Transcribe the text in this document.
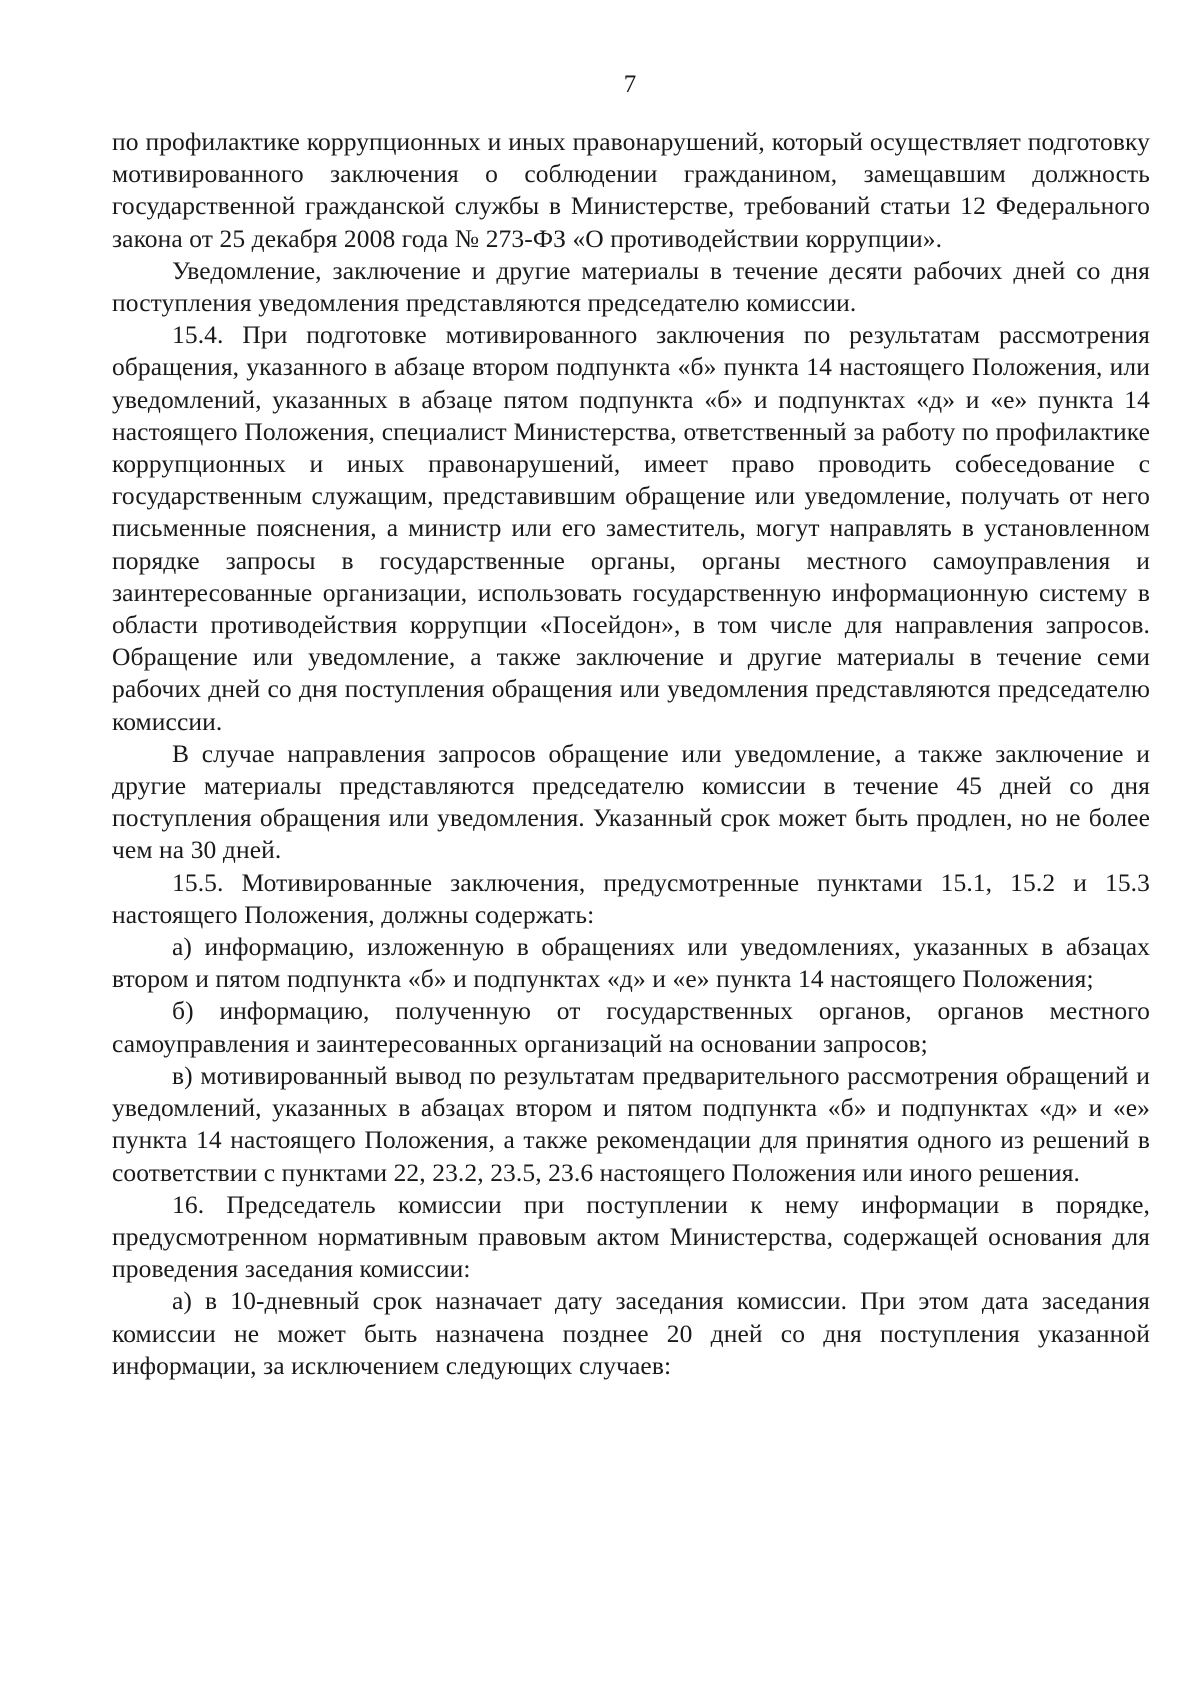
7

по профилактике коррупционных и иных правонарушений, который осуществляет подготовку мотивированного заключения о соблюдении гражданином, замещавшим должность государственной гражданской службы в Министерстве, требований статьи 12 Федерального закона от 25 декабря 2008 года № 273-ФЗ «О противодействии коррупции».

Уведомление, заключение и другие материалы в течение десяти рабочих дней со дня поступления уведомления представляются председателю комиссии.

15.4. При подготовке мотивированного заключения по результатам рассмотрения обращения, указанного в абзаце втором подпункта «б» пункта 14 настоящего Положения, или уведомлений, указанных в абзаце пятом подпункта «б» и подпунктах «д» и «е» пункта 14 настоящего Положения, специалист Министерства, ответственный за работу по профилактике коррупционных и иных правонарушений, имеет право проводить собеседование с государственным служащим, представившим обращение или уведомление, получать от него письменные пояснения, а министр или его заместитель, могут направлять в установленном порядке запросы в государственные органы, органы местного самоуправления и заинтересованные организации, использовать государственную информационную систему в области противодействия коррупции «Посейдон», в том числе для направления запросов. Обращение или уведомление, а также заключение и другие материалы в течение семи рабочих дней со дня поступления обращения или уведомления представляются председателю комиссии.

В случае направления запросов обращение или уведомление, а также заключение и другие материалы представляются председателю комиссии в течение 45 дней со дня поступления обращения или уведомления. Указанный срок может быть продлен, но не более чем на 30 дней.

15.5. Мотивированные заключения, предусмотренные пунктами 15.1, 15.2 и 15.3 настоящего Положения, должны содержать:

а) информацию, изложенную в обращениях или уведомлениях, указанных в абзацах втором и пятом подпункта «б» и подпунктах «д» и «е» пункта 14 настоящего Положения;

б) информацию, полученную от государственных органов, органов местного самоуправления и заинтересованных организаций на основании запросов;

в) мотивированный вывод по результатам предварительного рассмотрения обращений и уведомлений, указанных в абзацах втором и пятом подпункта «б» и подпунктах «д» и «е» пункта 14 настоящего Положения, а также рекомендации для принятия одного из решений в соответствии с пунктами 22, 23.2, 23.5, 23.6 настоящего Положения или иного решения.

16. Председатель комиссии при поступлении к нему информации в порядке, предусмотренном нормативным правовым актом Министерства, содержащей основания для проведения заседания комиссии:

а) в 10-дневный срок назначает дату заседания комиссии. При этом дата заседания комиссии не может быть назначена позднее 20 дней со дня поступления указанной информации, за исключением следующих случаев:
